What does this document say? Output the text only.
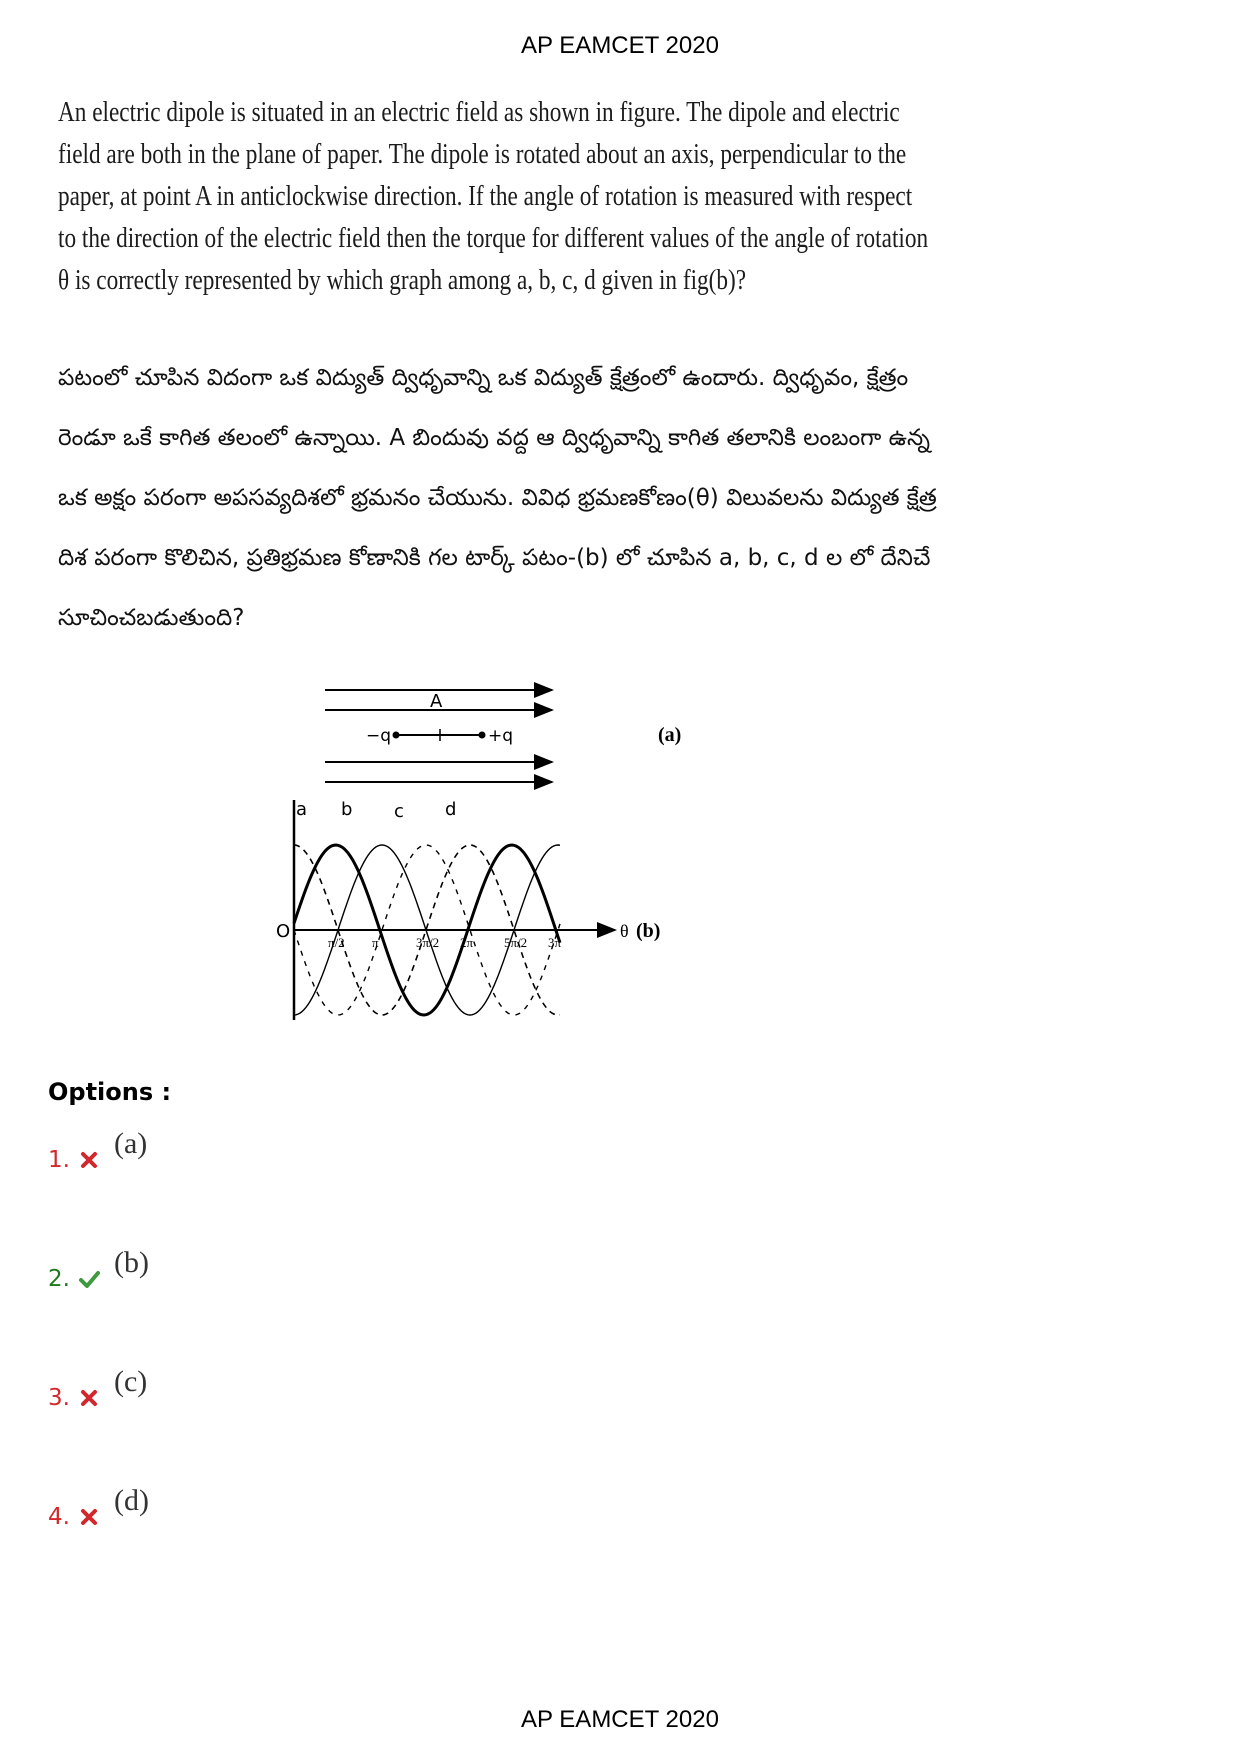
AP EAMCET 2020

An electric dipole is situated in an electric field as shown in figure. The dipole and electric

field are both in the plane of paper. The dipole is rotated about an axis, perpendicular to the

paper, at point A in anticlockwise direction. If the angle of rotation is measured with respect

to the direction of the electric field then the torque for different values of the angle of rotation

θ is correctly represented by which graph among a, b, c, d given in fig(b)?

పటంలో చూపిన విదంగా ఒక విద్యుత్ ద్విధృవాన్ని ఒక విద్యుత్ క్షేత్రంలో ఉందారు. ద్విధృవం, క్షేత్రం

రెండూ ఒకే కాగిత తలంలో ఉన్నాయి. A బిందువు వద్ద ఆ ద్విధృవాన్ని కాగిత తలానికి లంబంగా ఉన్న

ఒక అక్షం పరంగా అపసవ్యదిశలో భ్రమనం చేయును. వివిధ భ్రమణకోణం(θ) విలువలను విద్యుత క్షేత్ర

దిశ పరంగా కొలిచిన, ప్రతిభ్రమణ కోణానికి గల టార్క్ పటం-(b) లో చూపిన a, b, c, d ల లో దేనిచే

సూచించబడుతుంది?

A
−q	+q	(a)
O	θ (b)
a b c d
π/2 π	3π/2 2π 5π/2 3π
Options :
1. (a)
2. (b)
3. (c)
4. (d)
AP EAMCET 2020
